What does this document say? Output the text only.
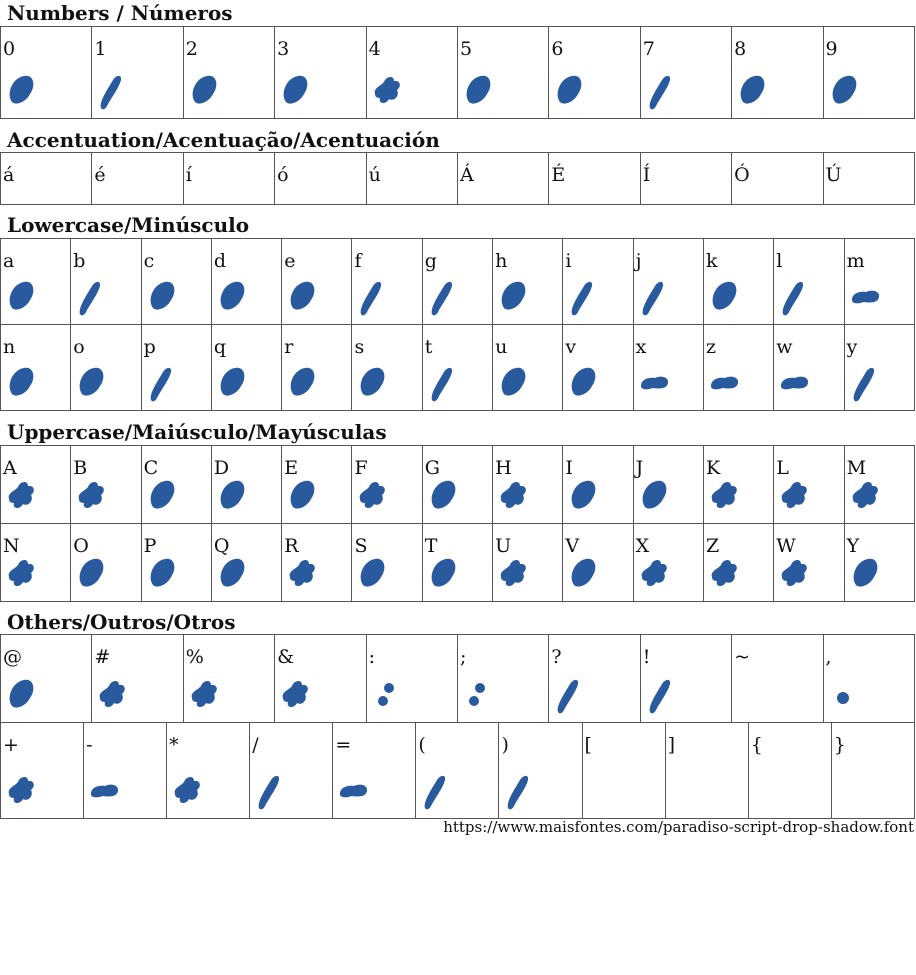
Numbers / Números
Accentuation/Acentuação/Acentuación
Lowercase/Minúsculo
Uppercase/Maiúsculo/Mayúsculas
Others/Outros/Otros
0	1	2	3	4	5	6	7	8	9
á	é	í	ó	ú	Á	É	Í	Ó	Ú
a	b	c	d	e	f	g	h	i	j	k	l	m

n	o	p	q	r	s	t	u	v	x	z	w	y
A	B	C	D	E	F	G	H	I	J	K	L	M

N	O	P	Q	R	S	T	U	V	X	Z	W	Y
@	#	%	&	:	;	?	!	~	,
+	-	*	/	=	(	)	[	]	{	}
https://www.maisfontes.com/paradiso-script-drop-shadow.font
